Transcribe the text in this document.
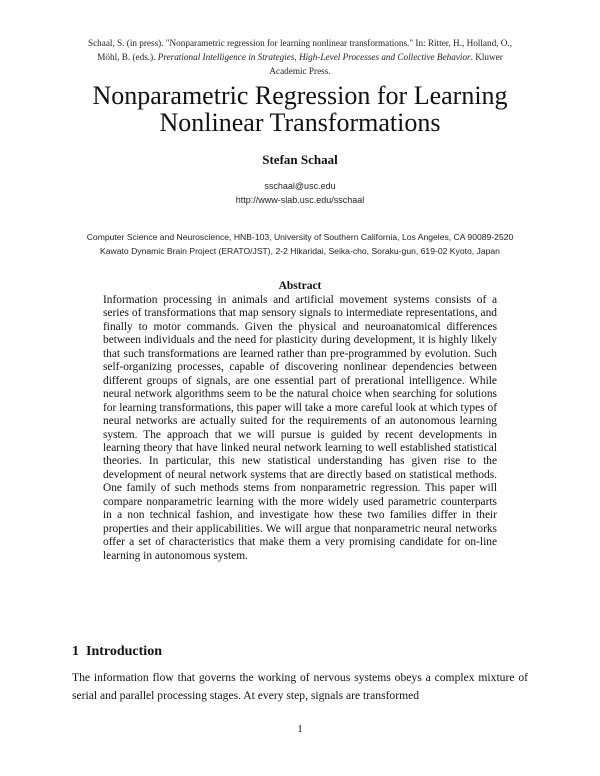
Schaal, S. (in press). "Nonparametric regression for learning nonlinear transformations." In: Ritter, H., Holland, O., Möhl, B. (eds.). Prerational Intelligence in Strategies, High-Level Processes and Collective Behavior. Kluwer Academic Press.
Nonparametric Regression for Learning Nonlinear Transformations
Stefan Schaal
sschaal@usc.edu
http://www-slab.usc.edu/sschaal
Computer Science and Neuroscience, HNB-103, University of Southern California, Los Angeles, CA 90089-2520
Kawato Dynamic Brain Project (ERATO/JST), 2-2 Hikaridai, Seika-cho, Soraku-gun, 619-02 Kyoto, Japan
Abstract
Information processing in animals and artificial movement systems consists of a series of transformations that map sensory signals to intermediate representations, and finally to motor commands. Given the physical and neuroanatomical differences between individuals and the need for plasticity during development, it is highly likely that such transformations are learned rather than pre-programmed by evolution. Such self-organizing processes, capable of discovering nonlinear dependencies between different groups of signals, are one essential part of prerational intelligence. While neural network algorithms seem to be the natural choice when searching for solutions for learning transformations, this paper will take a more careful look at which types of neural networks are actually suited for the requirements of an autonomous learning system. The approach that we will pursue is guided by recent developments in learning theory that have linked neural network learning to well established statistical theories. In particular, this new statistical understanding has given rise to the development of neural network systems that are directly based on statistical methods. One family of such methods stems from nonparametric regression. This paper will compare nonparametric learning with the more widely used parametric counterparts in a non technical fashion, and investigate how these two families differ in their properties and their applicabilities. We will argue that nonparametric neural networks offer a set of characteristics that make them a very promising candidate for on-line learning in autonomous system.
1 Introduction
The information flow that governs the working of nervous systems obeys a complex mixture of serial and parallel processing stages. At every step, signals are transformed
1
